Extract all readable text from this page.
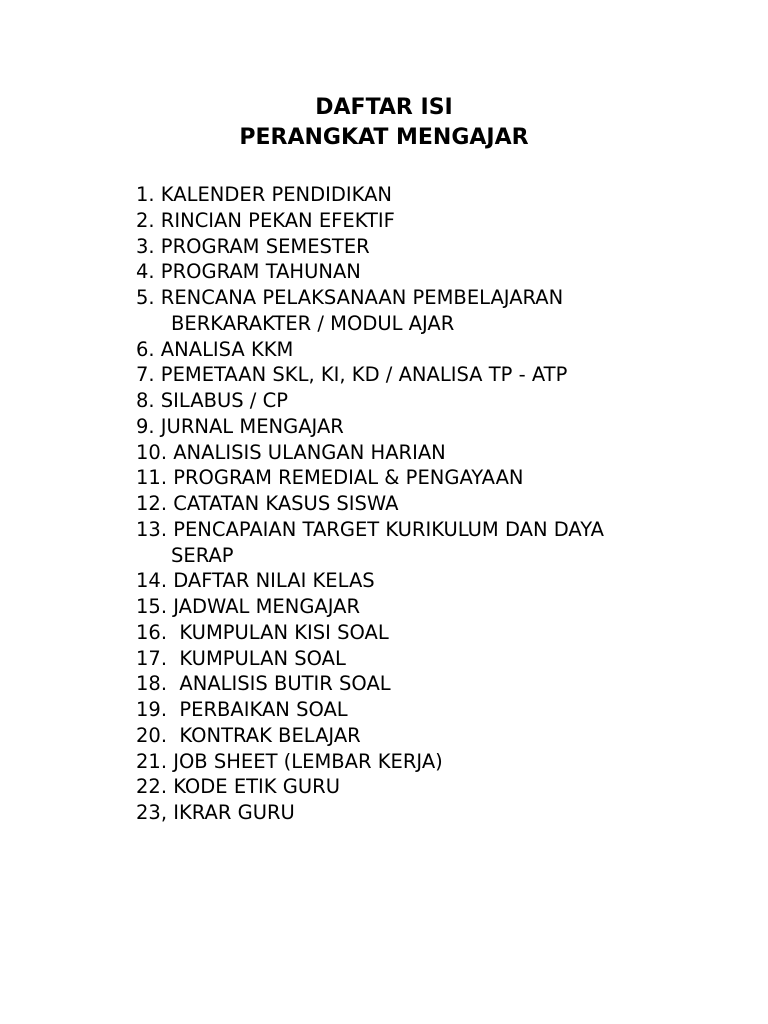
DAFTAR ISI
PERANGKAT MENGAJAR
1. KALENDER PENDIDIKAN
2. RINCIAN PEKAN EFEKTIF
3. PROGRAM SEMESTER
4. PROGRAM TAHUNAN
5. RENCANA PELAKSANAAN PEMBELAJARAN
BERKARAKTER / MODUL AJAR
6. ANALISA KKM
7. PEMETAAN SKL, KI, KD / ANALISA TP - ATP
8. SILABUS / CP
9. JURNAL MENGAJAR
10. ANALISIS ULANGAN HARIAN
11. PROGRAM REMEDIAL & PENGAYAAN
12. CATATAN KASUS SISWA
13. PENCAPAIAN TARGET KURIKULUM DAN DAYA
SERAP
14. DAFTAR NILAI KELAS
15. JADWAL MENGAJAR
16.  KUMPULAN KISI SOAL
17.  KUMPULAN SOAL
18.  ANALISIS BUTIR SOAL
19.  PERBAIKAN SOAL
20.  KONTRAK BELAJAR
21. JOB SHEET (LEMBAR KERJA)
22. KODE ETIK GURU
23, IKRAR GURU
